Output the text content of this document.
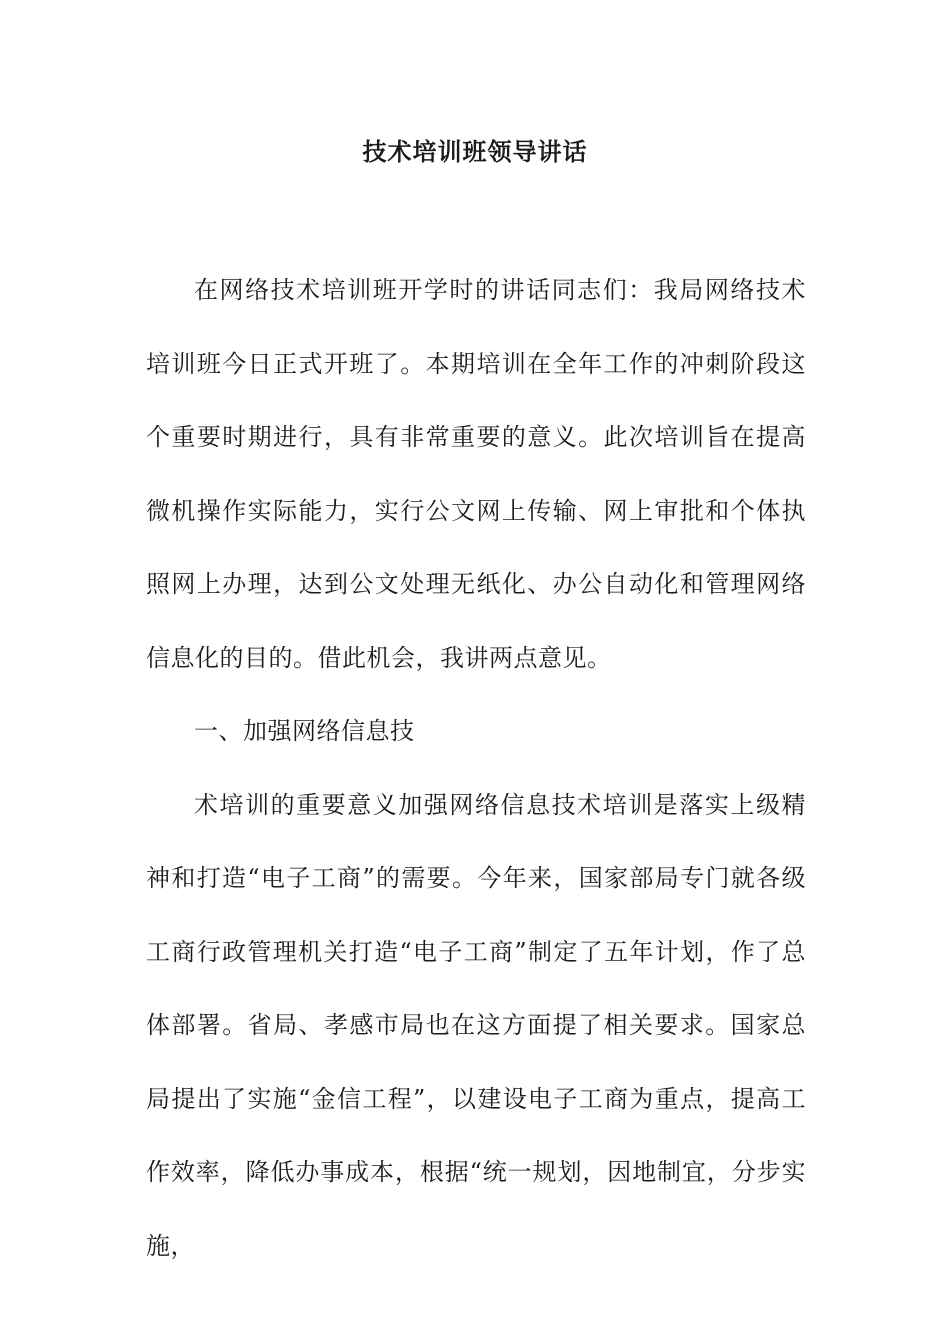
技术培训班领导讲话

在网络技术培训班开学时的讲话同志们：我局网络技术培训班今日正式开班了。本期培训在全年工作的冲刺阶段这个重要时期进行，具有非常重要的意义。此次培训旨在提高微机操作实际能力，实行公文网上传输、网上审批和个体执照网上办理，达到公文处理无纸化、办公自动化和管理网络信息化的目的。借此机会，我讲两点意见。

一、加强网络信息技

术培训的重要意义加强网络信息技术培训是落实上级精神和打造“电子工商”的需要。今年来，国家部局专门就各级工商行政管理机关打造“电子工商”制定了五年计划，作了总体部署。省局、孝感市局也在这方面提了相关要求。国家总局提出了实施“金信工程”，以建设电子工商为重点，提高工作效率，降低办事成本，根据“统一规划，因地制宜，分步实施，
